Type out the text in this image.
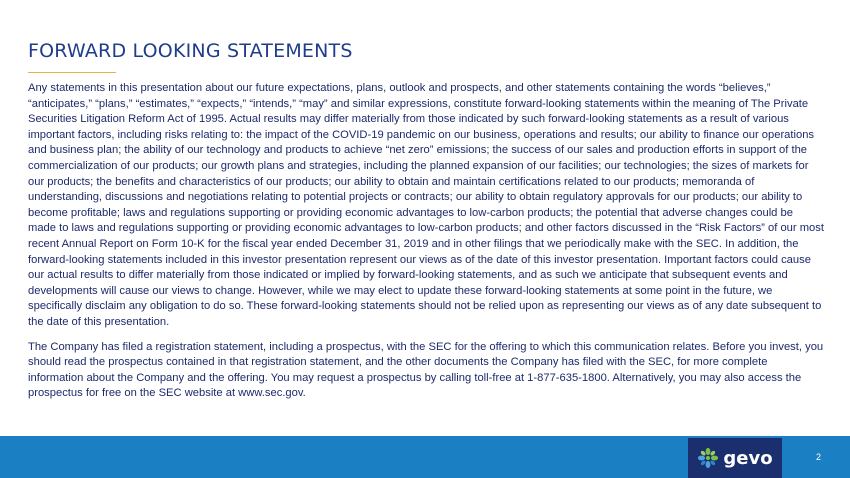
FORWARD LOOKING STATEMENTS

Any statements in this presentation about our future expectations, plans, outlook and prospects, and other statements containing the words “believes,” “anticipates,” “plans,” “estimates,” “expects,” “intends,” “may” and similar expressions, constitute forward-looking statements within the meaning of The Private Securities Litigation Reform Act of 1995. Actual results may differ materially from those indicated by such forward-looking statements as a result of various important factors, including risks relating to: the impact of the COVID-19 pandemic on our business, operations and results; our ability to finance our operations and business plan; the ability of our technology and products to achieve “net zero” emissions; the success of our sales and production efforts in support of the commercialization of our products; our growth plans and strategies, including the planned expansion of our facilities; our technologies; the sizes of markets for our products; the benefits and characteristics of our products; our ability to obtain and maintain certifications related to our products; memoranda of understanding, discussions and negotiations relating to potential projects or contracts; our ability to obtain regulatory approvals for our products; our ability to become profitable; laws and regulations supporting or providing economic advantages to low-carbon products; the potential that adverse changes could be made to laws and regulations supporting or providing economic advantages to low-carbon products; and other factors discussed in the “Risk Factors” of our most recent Annual Report on Form 10-K for the fiscal year ended December 31, 2019 and in other filings that we periodically make with the SEC. In addition, the forward-looking statements included in this investor presentation represent our views as of the date of this investor presentation. Important factors could cause our actual results to differ materially from those indicated or implied by forward-looking statements, and as such we anticipate that subsequent events and developments will cause our views to change. However, while we may elect to update these forward-looking statements at some point in the future, we specifically disclaim any obligation to do so. These forward-looking statements should not be relied upon as representing our views as of any date subsequent to the date of this presentation.

The Company has filed a registration statement, including a prospectus, with the SEC for the offering to which this communication relates. Before you invest, you should read the prospectus contained in that registration statement, and the other documents the Company has filed with the SEC, for more complete information about the Company and the offering. You may request a prospectus by calling toll-free at 1-877-635-1800. Alternatively, you may also access the prospectus for free on the SEC website at www.sec.gov.

gevo	2
